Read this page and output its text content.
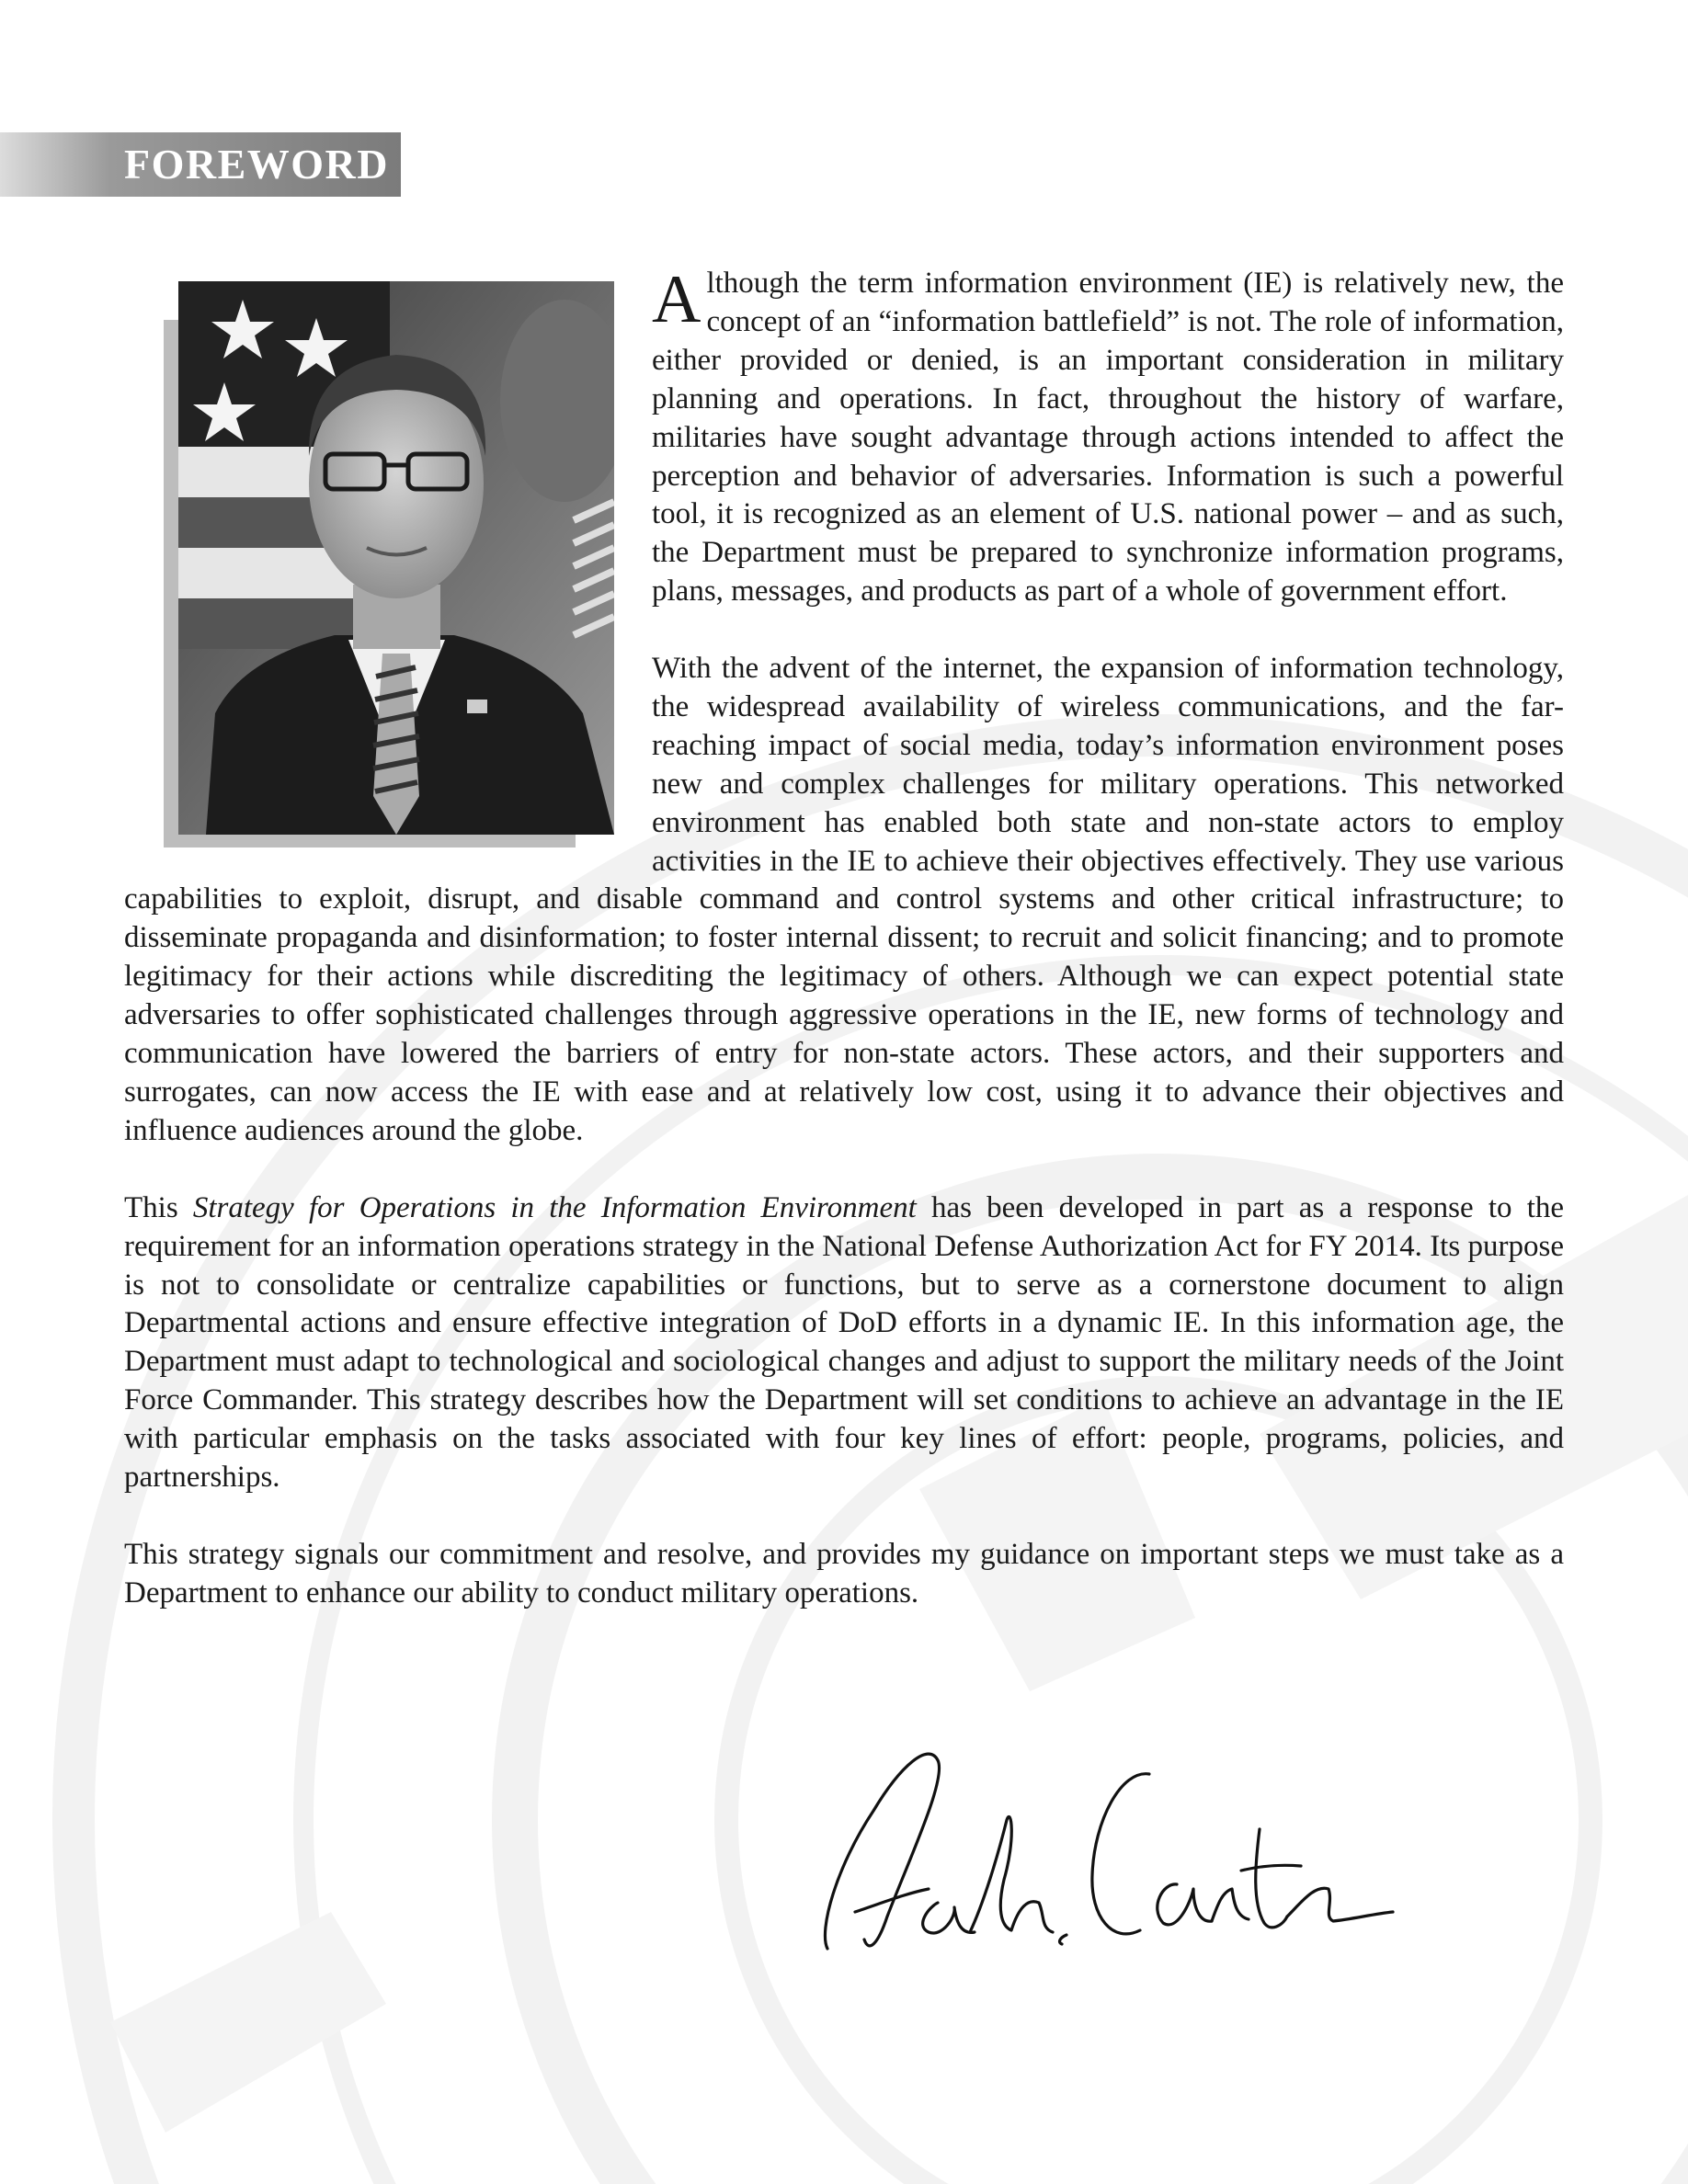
FOREWORD

Although the term information environment (IE) is relatively new, the concept of an “information battlefield” is not. The role of information, either provided or denied, is an important consideration in military planning and operations. In fact, throughout the history of warfare, militaries have sought advantage through actions intended to affect the perception and behavior of adversaries. Information is such a powerful tool, it is recognized as an element of U.S. national power – and as such, the Department must be prepared to synchronize information programs, plans, messages, and products as part of a whole of government effort.

With the advent of the internet, the expansion of information technology, the widespread availability of wireless communications, and the far-reaching impact of social media, today’s information environment poses new and complex challenges for military operations. This networked environment has enabled both state and non-state actors to employ activities in the IE to achieve their objectives effectively. They use various capabilities to exploit, disrupt, and disable command and control systems and other critical infrastructure; to disseminate propaganda and disinformation; to foster internal dissent; to recruit and solicit financing; and to promote legitimacy for their actions while discrediting the legitimacy of others. Although we can expect potential state adversaries to offer sophisticated challenges through aggressive operations in the IE, new forms of technology and communication have lowered the barriers of entry for non-state actors. These actors, and their supporters and surrogates, can now access the IE with ease and at relatively low cost, using it to advance their objectives and influence audiences around the globe.

This Strategy for Operations in the Information Environment has been developed in part as a response to the requirement for an information operations strategy in the National Defense Authorization Act for FY 2014. Its purpose is not to consolidate or centralize capabilities or functions, but to serve as a cornerstone document to align Departmental actions and ensure effective integration of DoD efforts in a dynamic IE. In this information age, the Department must adapt to technological and sociological changes and adjust to support the military needs of the Joint Force Commander. This strategy describes how the Department will set conditions to achieve an advantage in the IE with particular emphasis on the tasks associated with four key lines of effort: people, programs, policies, and partnerships.

This strategy signals our commitment and resolve, and provides my guidance on important steps we must take as a Department to enhance our ability to conduct military operations.
